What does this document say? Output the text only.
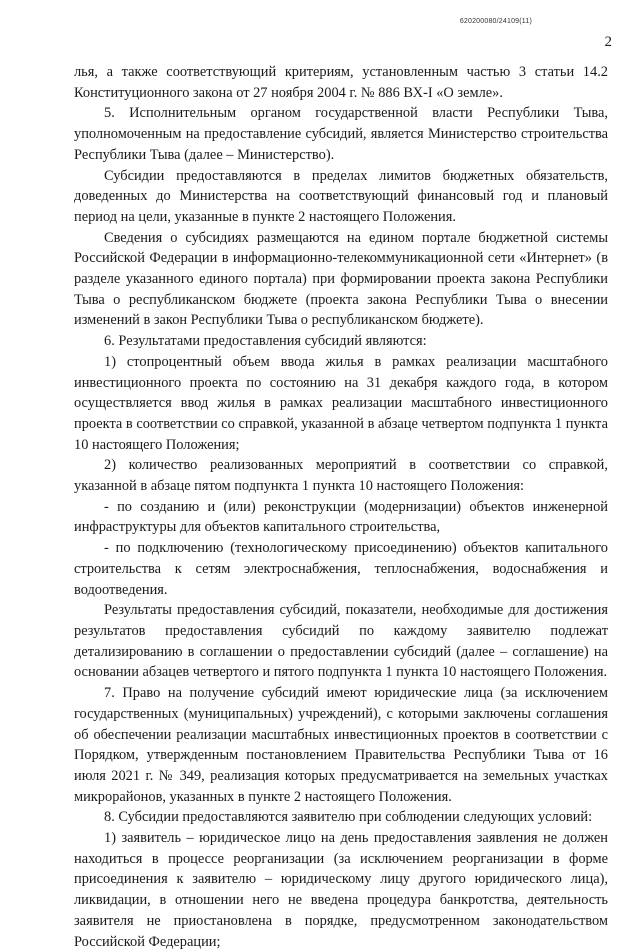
620200080/24109(11)
2

лья, а также соответствующий критериям, установленным частью 3 статьи 14.2 Конституционного закона от 27 ноября 2004 г. № 886 ВХ-I «О земле».

5. Исполнительным органом государственной власти Республики Тыва, уполномоченным на предоставление субсидий, является Министерство строительства Республики Тыва (далее – Министерство).

Субсидии предоставляются в пределах лимитов бюджетных обязательств, доведенных до Министерства на соответствующий финансовый год и плановый период на цели, указанные в пункте 2 настоящего Положения.

Сведения о субсидиях размещаются на едином портале бюджетной системы Российской Федерации в информационно-телекоммуникационной сети «Интернет» (в разделе указанного единого портала) при формировании проекта закона Республики Тыва о республиканском бюджете (проекта закона Республики Тыва о внесении изменений в закон Республики Тыва о республиканском бюджете).

6. Результатами предоставления субсидий являются:

1) стопроцентный объем ввода жилья в рамках реализации масштабного инвестиционного проекта по состоянию на 31 декабря каждого года, в котором осуществляется ввод жилья в рамках реализации масштабного инвестиционного проекта в соответствии со справкой, указанной в абзаце четвертом подпункта 1 пункта 10 настоящего Положения;

2) количество реализованных мероприятий в соответствии со справкой, указанной в абзаце пятом подпункта 1 пункта 10 настоящего Положения:

- по созданию и (или) реконструкции (модернизации) объектов инженерной инфраструктуры для объектов капитального строительства,

- по подключению (технологическому присоединению) объектов капитального строительства к сетям электроснабжения, теплоснабжения, водоснабжения и водоотведения.

Результаты предоставления субсидий, показатели, необходимые для достижения результатов предоставления субсидий по каждому заявителю подлежат детализированию в соглашении о предоставлении субсидий (далее – соглашение) на основании абзацев четвертого и пятого подпункта 1 пункта 10 настоящего Положения.

7. Право на получение субсидий имеют юридические лица (за исключением государственных (муниципальных) учреждений), с которыми заключены соглашения об обеспечении реализации масштабных инвестиционных проектов в соответствии с Порядком, утвержденным постановлением Правительства Республики Тыва от 16 июля 2021 г. № 349, реализация которых предусматривается на земельных участках микрорайонов, указанных в пункте 2 настоящего Положения.

8. Субсидии предоставляются заявителю при соблюдении следующих условий:

1) заявитель – юридическое лицо на день предоставления заявления не должен находиться в процессе реорганизации (за исключением реорганизации в форме присоединения к заявителю – юридическому лицу другого юридического лица), ликвидации, в отношении него не введена процедура банкротства, деятельность заявителя не приостановлена в порядке, предусмотренном законодательством Российской Федерации;
